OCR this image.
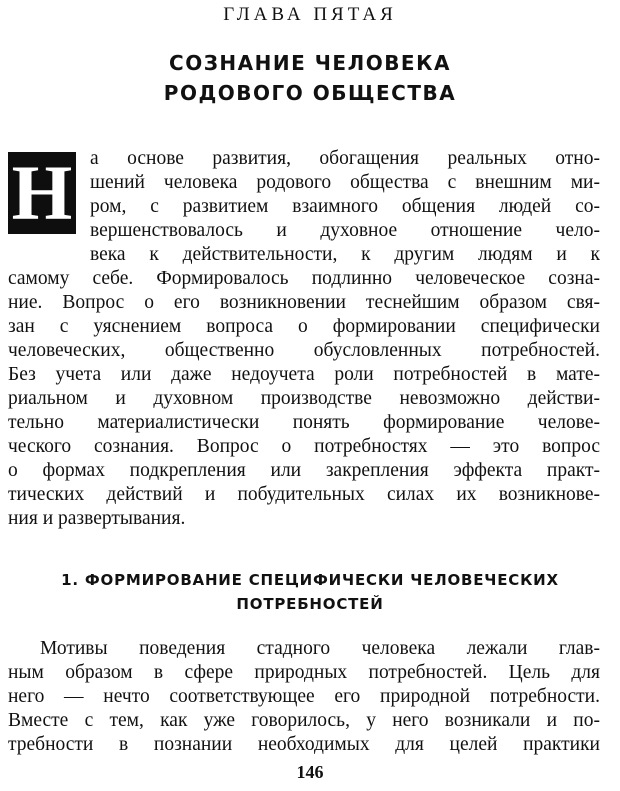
ГЛАВА ПЯТАЯ
СОЗНАНИЕ ЧЕЛОВЕКА
РОДОВОГО ОБЩЕСТВА
Н а основе развития, обогащения реальных отно-
шений человека родового общества с внешним ми-
ром, с развитием взаимного общения людей со-
вершенствовалось и духовное отношение чело-
века к действительности, к другим людям и к
самому себе. Формировалось подлинно человеческое созна-
ние. Вопрос о его возникновении теснейшим образом свя-
зан с уяснением вопроса о формировании специфически
человеческих, общественно обусловленных потребностей.
Без учета или даже недоучета роли потребностей в мате-
риальном и духовном производстве невозможно действи-
тельно материалистически понять формирование челове-
ческого сознания. Вопрос о потребностях — это вопрос
о формах подкрепления или закрепления эффекта практ-
тических действий и побудительных силах их возникнове-
ния и развертывания.
1. ФОРМИРОВАНИЕ СПЕЦИФИЧЕСКИ ЧЕЛОВЕЧЕСКИХ
ПОТРЕБНОСТЕЙ
Мотивы поведения стадного человека лежали глав-
ным образом в сфере природных потребностей. Цель для
него — нечто соответствующее его природной потребности.
Вместе с тем, как уже говорилось, у него возникали и по-
требности в познании необходимых для целей практики
146
